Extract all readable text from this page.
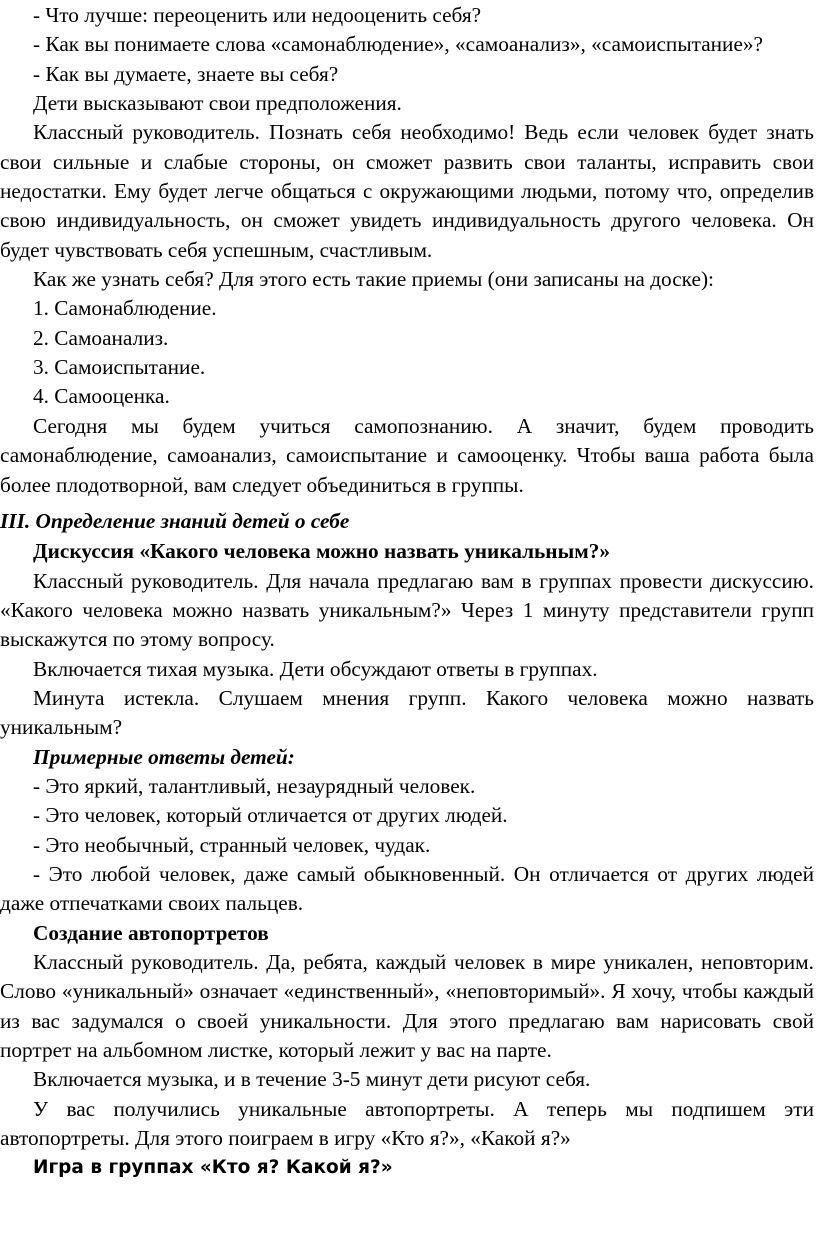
- Что лучше: переоценить или недооценить себя?

- Как вы понимаете слова «самонаблюдение», «самоанализ», «самоиспытание»?

- Как вы думаете, знаете вы себя?

Дети высказывают свои предположения.

Классный руководитель. Познать себя необходимо! Ведь если человек будет знать свои сильные и слабые стороны, он сможет развить свои таланты, исправить свои недостатки. Ему будет легче общаться с окружающими людьми, потому что, определив свою индивидуальность, он сможет увидеть индивидуальность другого человека. Он будет чувствовать себя успешным, счастливым.

Как же узнать себя? Для этого есть такие приемы (они записаны на доске):

1. Самонаблюдение.

2. Самоанализ.

3. Самоиспытание.

4. Самооценка.

Сегодня мы будем учиться самопознанию. А значит, будем проводить самонаблюдение, самоанализ, самоиспытание и самооценку. Чтобы ваша работа была более плодотворной, вам следует объединиться в группы.

III. Определение знаний детей о себе

Дискуссия «Какого человека можно назвать уникальным?»

Классный руководитель. Для начала предлагаю вам в группах провести дискуссию. «Какого человека можно назвать уникальным?» Через 1 минуту представители групп выскажутся по этому вопросу.

Включается тихая музыка. Дети обсуждают ответы в группах.

Минута истекла. Слушаем мнения групп. Какого человека можно назвать уникальным?

Примерные ответы детей:

- Это яркий, талантливый, незаурядный человек.

- Это человек, который отличается от других людей.

- Это необычный, странный человек, чудак.

- Это любой человек, даже самый обыкновенный. Он отличается от других людей даже отпечатками своих пальцев.

Создание автопортретов

Классный руководитель. Да, ребята, каждый человек в мире уникален, неповторим. Слово «уникальный» означает «единственный», «неповторимый». Я хочу, чтобы каждый из вас задумался о своей уникальности. Для этого предлагаю вам нарисовать свой портрет на альбомном листке, который лежит у вас на парте.

Включается музыка, и в течение 3-5 минут дети рисуют себя.

У вас получились уникальные автопортреты. А теперь мы подпишем эти автопортреты. Для этого поиграем в игру «Кто я?», «Какой я?»

Игра в группах «Кто я? Какой я?»
